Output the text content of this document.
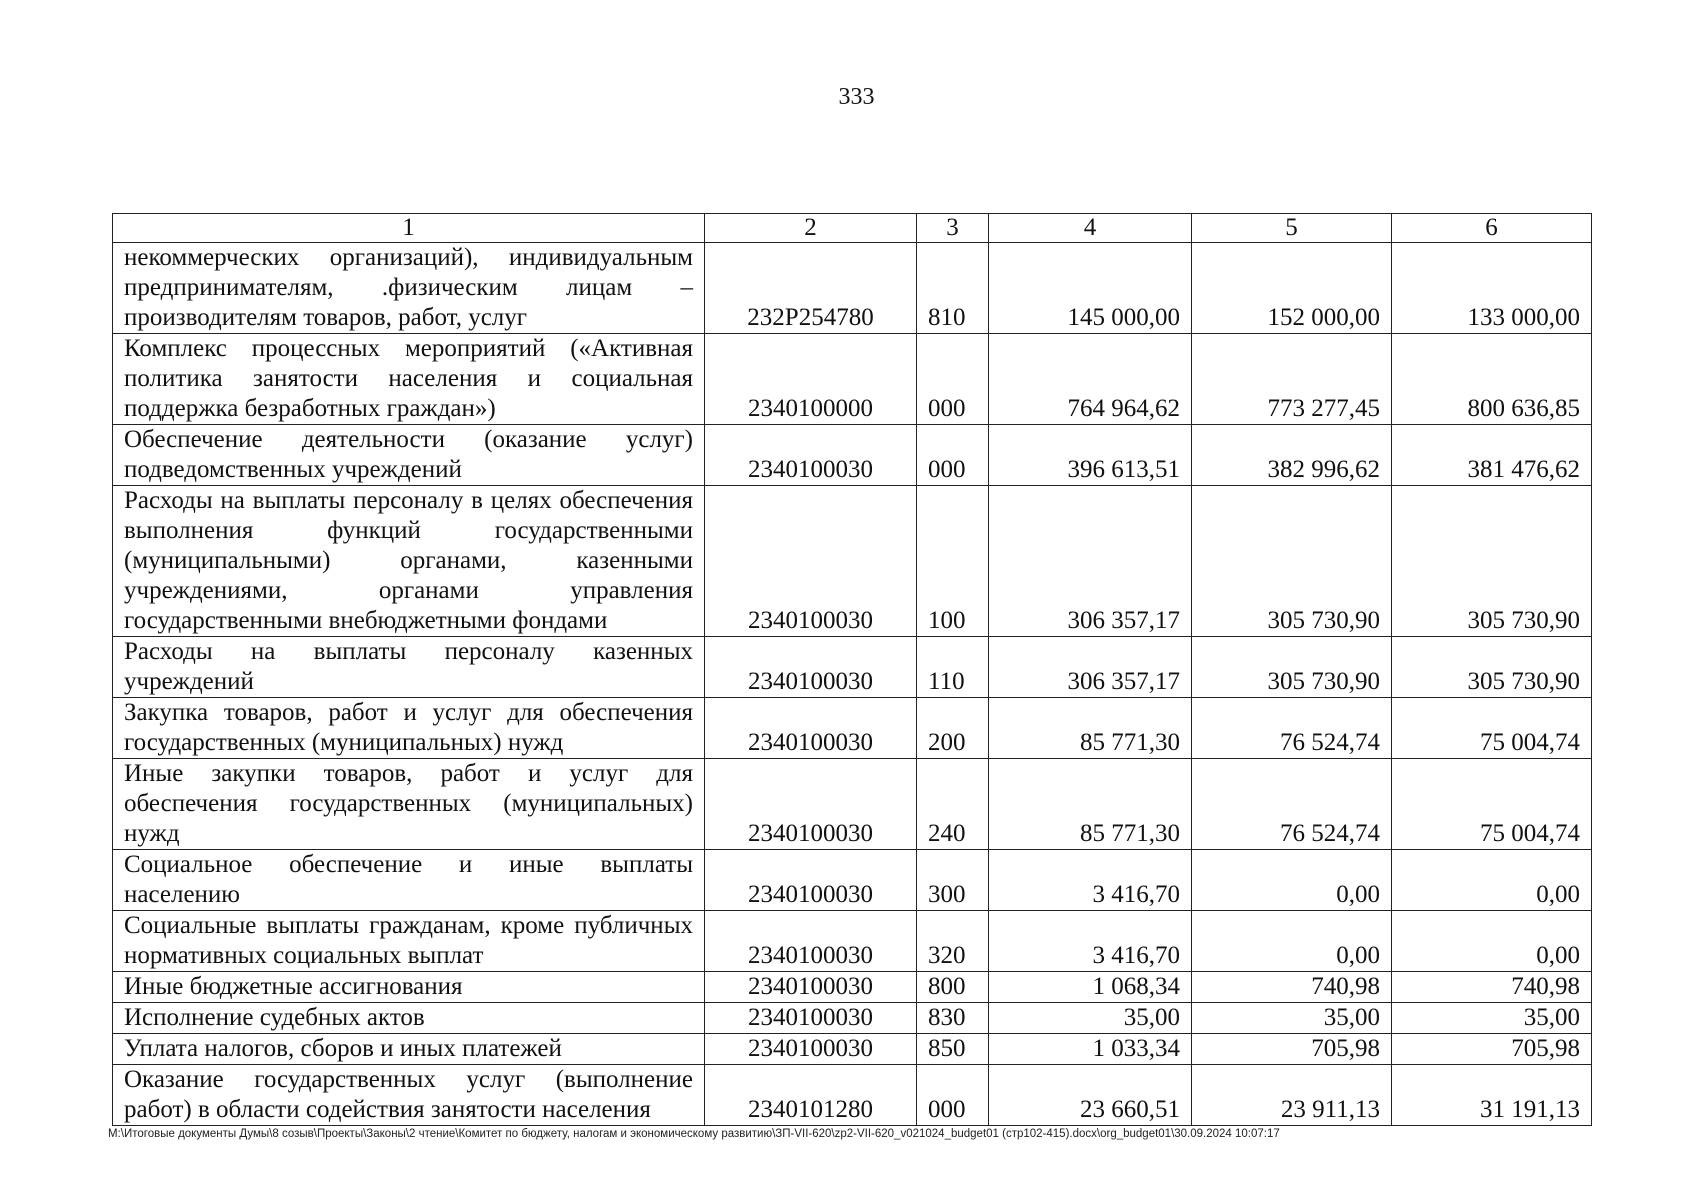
333
1	2	3	4	5	6
некоммерческих организаций), индивидуальным предпринимателям, .физическим лицам – производителям товаров, работ, услуг	232Р254780	810	145 000,00	152 000,00	133 000,00
Комплекс процессных мероприятий («Активная политика занятости населения и социальная поддержка безработных граждан»)	2340100000	000	764 964,62	773 277,45	800 636,85
Обеспечение деятельности (оказание услуг) подведомственных учреждений	2340100030	000	396 613,51	382 996,62	381 476,62
Расходы на выплаты персоналу в целях обеспечения выполнения функций государственными (муниципальными) органами, казенными учреждениями, органами управления государственными внебюджетными фондами	2340100030	100	306 357,17	305 730,90	305 730,90
Расходы на выплаты персоналу казенных учреждений	2340100030	110	306 357,17	305 730,90	305 730,90
Закупка товаров, работ и услуг для обеспечения государственных (муниципальных) нужд	2340100030	200	85 771,30	76 524,74	75 004,74
Иные закупки товаров, работ и услуг для обеспечения государственных (муниципальных) нужд	2340100030	240	85 771,30	76 524,74	75 004,74
Социальное обеспечение и иные выплаты населению	2340100030	300	3 416,70	0,00	0,00
Социальные выплаты гражданам, кроме публичных нормативных социальных выплат	2340100030	320	3 416,70	0,00	0,00
Иные бюджетные ассигнования	2340100030	800	1 068,34	740,98	740,98
Исполнение судебных актов	2340100030	830	35,00	35,00	35,00
Уплата налогов, сборов и иных платежей	2340100030	850	1 033,34	705,98	705,98
Оказание государственных услуг (выполнение работ) в области содействия занятости населения	2340101280	000	23 660,51	23 911,13	31 191,13
M:\Итоговые документы Думы\8 созыв\Проекты\Законы\2 чтение\Комитет по бюджету, налогам и экономическому развитию\ЗП-VII-620\zp2-VII-620_v021024_budget01 (стр102-415).docx\org_budget01\30.09.2024 10:07:17
